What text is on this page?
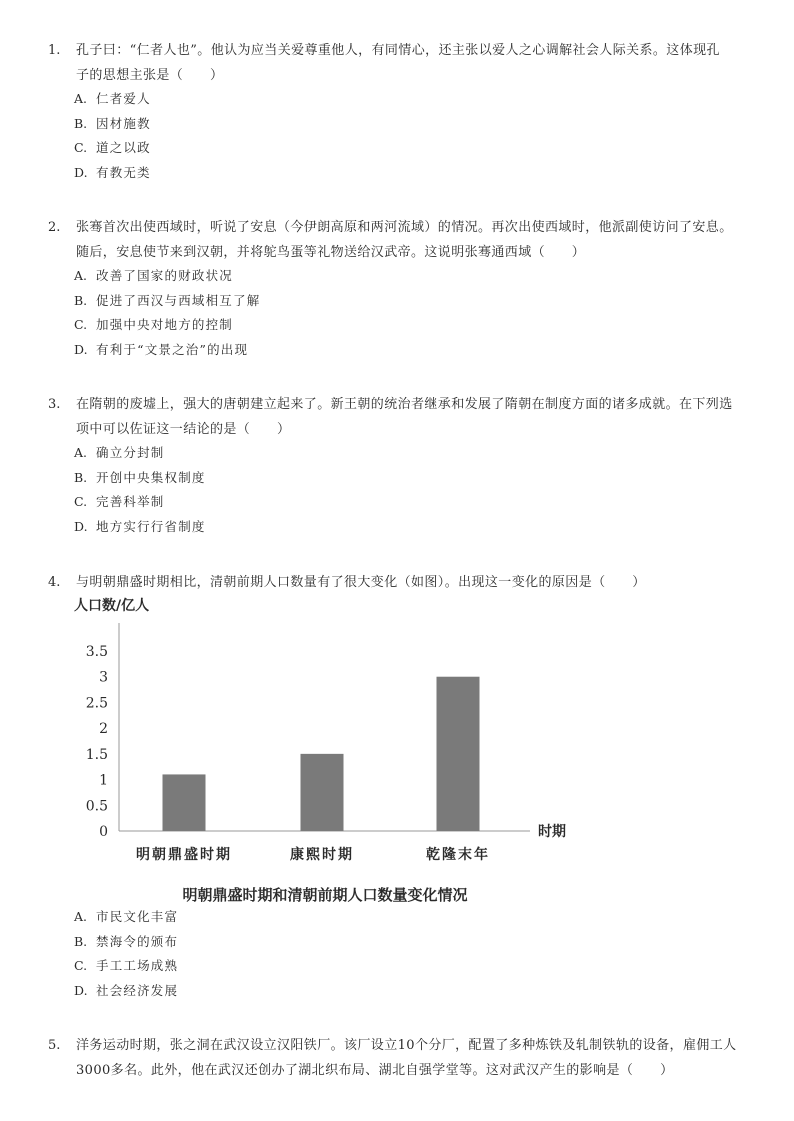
1. 孔子曰：“仁者人也”。他认为应当关爱尊重他人，有同情心，还主张以爱人之心调解社会人际关系。这体现孔
子的思想主张是（　　）
A. 仁者爱人
B. 因材施教
C. 道之以政
D. 有教无类
2. 张骞首次出使西域时，听说了安息（今伊朗高原和两河流域）的情况。再次出使西域时，他派副使访问了安息。
随后，安息使节来到汉朝，并将鸵鸟蛋等礼物送给汉武帝。这说明张骞通西域（　　）
A. 改善了国家的财政状况
B. 促进了西汉与西域相互了解
C. 加强中央对地方的控制
D. 有利于“文景之治”的出现
3. 在隋朝的废墟上，强大的唐朝建立起来了。新王朝的统治者继承和发展了隋朝在制度方面的诸多成就。在下列选
项中可以佐证这一结论的是（　　）
A. 确立分封制
B. 开创中央集权制度
C. 完善科举制
D. 地方实行行省制度
4. 与明朝鼎盛时期相比，清朝前期人口数量有了很大变化（如图）。出现这一变化的原因是（　　）
人口数/亿人
0
0.5
1
1.5
2
2.5
3
3.5
明朝鼎盛时期	康熙时期	乾隆末年
时期
明朝鼎盛时期和清朝前期人口数量变化情况
A. 市民文化丰富
B. 禁海令的颁布
C. 手工工场成熟
D. 社会经济发展
5. 洋务运动时期，张之洞在武汉设立汉阳铁厂。该厂设立10个分厂，配置了多种炼铁及轧制铁轨的设备，雇佣工人
3000多名。此外，他在武汉还创办了湖北织布局、湖北自强学堂等。这对武汉产生的影响是（　　）
